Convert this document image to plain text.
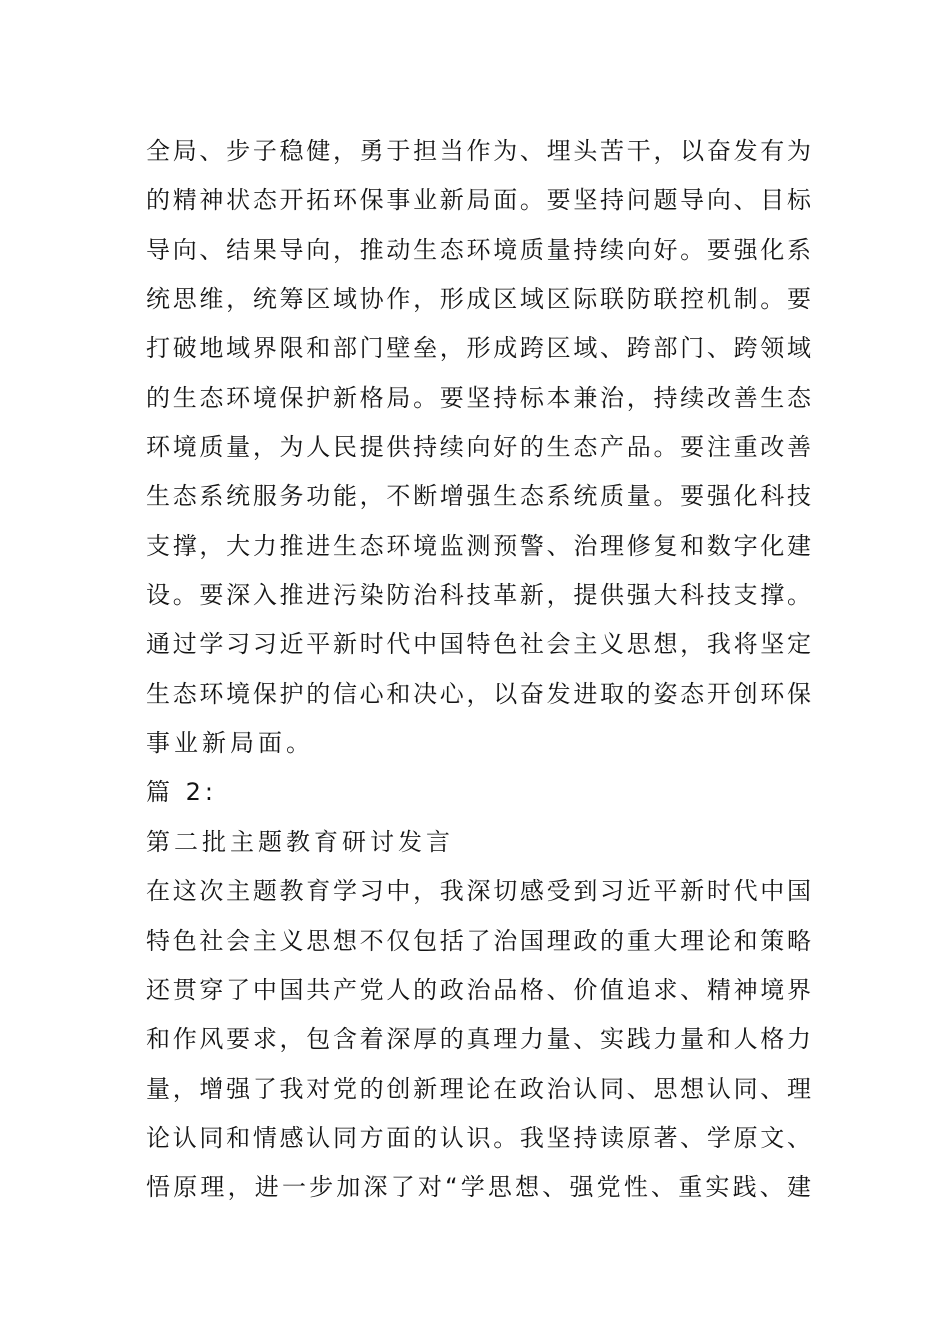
全局、步子稳健，勇于担当作为、埋头苦干，以奋发有为
的精神状态开拓环保事业新局面。要坚持问题导向、目标
导向、结果导向，推动生态环境质量持续向好。要强化系
统思维，统筹区域协作，形成区域区际联防联控机制。要
打破地域界限和部门壁垒，形成跨区域、跨部门、跨领域
的生态环境保护新格局。要坚持标本兼治，持续改善生态
环境质量，为人民提供持续向好的生态产品。要注重改善
生态系统服务功能，不断增强生态系统质量。要强化科技
支撑，大力推进生态环境监测预警、治理修复和数字化建
设。要深入推进污染防治科技革新，提供强大科技支撑。
通过学习习近平新时代中国特色社会主义思想，我将坚定
生态环境保护的信心和决心，以奋发进取的姿态开创环保
事业新局面。
篇 2:
第二批主题教育研讨发言
在这次主题教育学习中，我深切感受到习近平新时代中国
特色社会主义思想不仅包括了治国理政的重大理论和策略
还贯穿了中国共产党人的政治品格、价值追求、精神境界
和作风要求，包含着深厚的真理力量、实践力量和人格力
量，增强了我对党的创新理论在政治认同、思想认同、理
论认同和情感认同方面的认识。我坚持读原著、学原文、
悟原理，进一步加深了对“学思想、强党性、重实践、建
